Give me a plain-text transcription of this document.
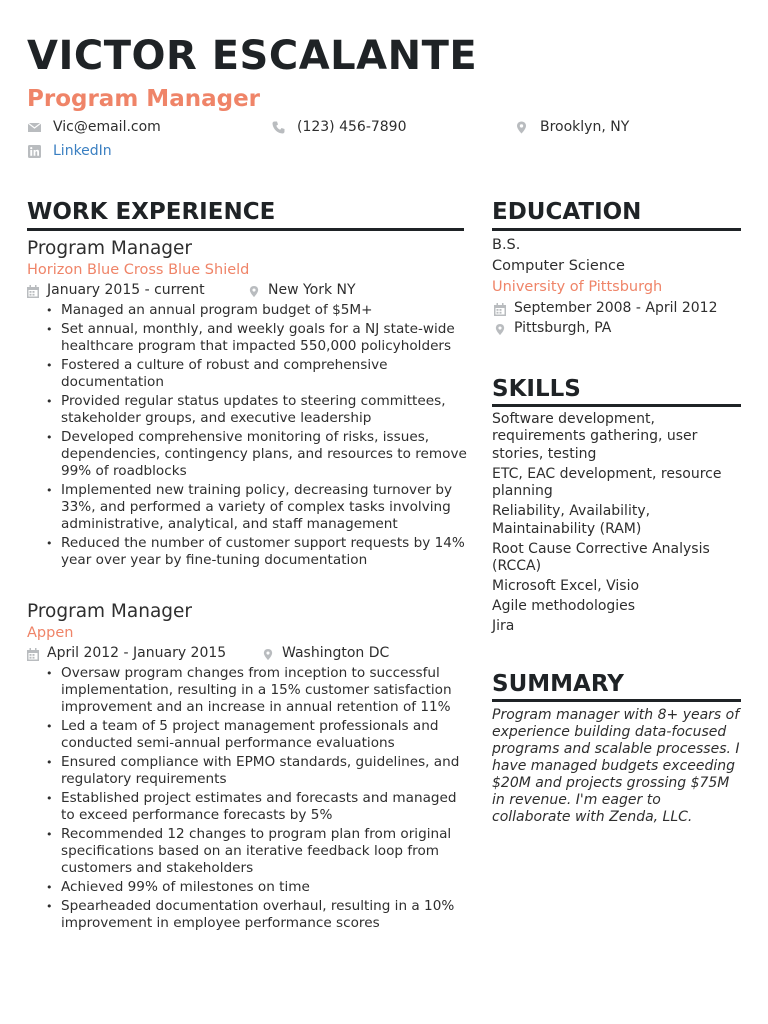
VICTOR ESCALANTE
Program Manager
Vic@email.com	(123) 456-7890	Brooklyn, NY
LinkedIn
WORK EXPERIENCE
Program Manager
Horizon Blue Cross Blue Shield
January 2015 - current	New York NY
• Managed an annual program budget of $5M+
• Set annual, monthly, and weekly goals for a NJ state-wide healthcare program that impacted 550,000 policyholders
• Fostered a culture of robust and comprehensive documentation
• Provided regular status updates to steering committees, stakeholder groups, and executive leadership
• Developed comprehensive monitoring of risks, issues, dependencies, contingency plans, and resources to remove 99% of roadblocks
• Implemented new training policy, decreasing turnover by 33%, and performed a variety of complex tasks involving administrative, analytical, and staff management
• Reduced the number of customer support requests by 14% year over year by fine-tuning documentation
Program Manager
Appen
April 2012 - January 2015	Washington DC
• Oversaw program changes from inception to successful implementation, resulting in a 15% customer satisfaction improvement and an increase in annual retention of 11%
• Led a team of 5 project management professionals and conducted semi-annual performance evaluations
• Ensured compliance with EPMO standards, guidelines, and regulatory requirements
• Established project estimates and forecasts and managed to exceed performance forecasts by 5%
• Recommended 12 changes to program plan from original specifications based on an iterative feedback loop from customers and stakeholders
• Achieved 99% of milestones on time
• Spearheaded documentation overhaul, resulting in a 10% improvement in employee performance scores
EDUCATION
B.S.
Computer Science
University of Pittsburgh
September 2008 - April 2012
Pittsburgh, PA
SKILLS

Software development, requirements gathering, user stories, testing

ETC, EAC development, resource planning

Reliability, Availability, Maintainability (RAM)

Root Cause Corrective Analysis (RCCA)

Microsoft Excel, Visio

Agile methodologies

Jira

SUMMARY
Program manager with 8+ years of experience building data-focused programs and scalable processes. I have managed budgets exceeding $20M and projects grossing $75M in revenue. I'm eager to collaborate with Zenda, LLC.
